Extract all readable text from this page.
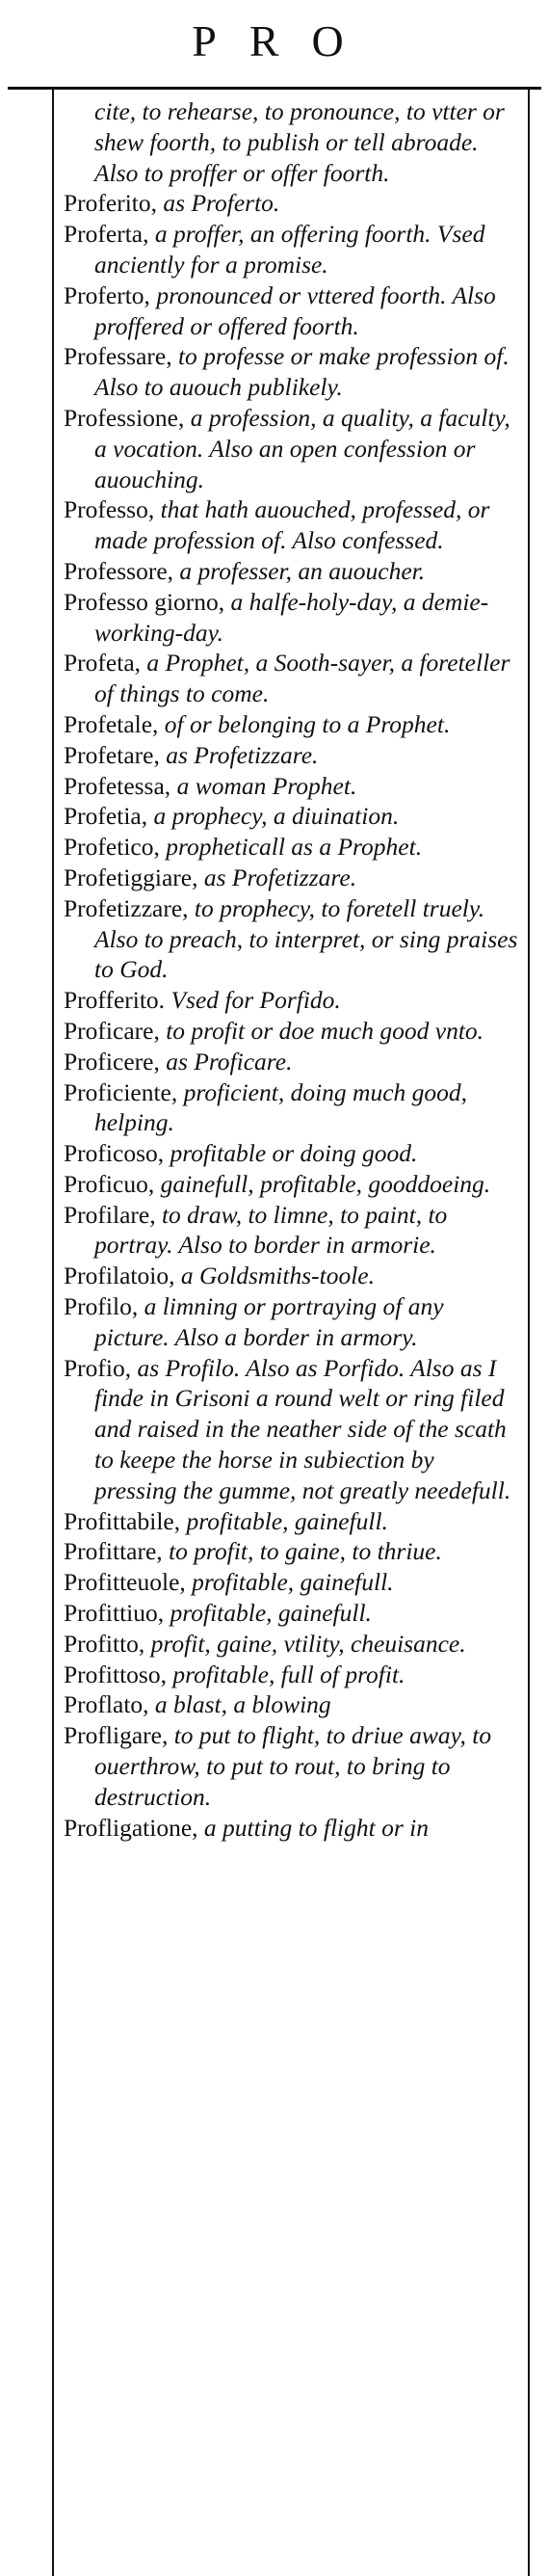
PRO

cite, to rehearse, to pronounce, to vtter or shew foorth, to publish or tell abroade. Also to proffer or offer foorth.

Proferito, as Proferto.

Proferta, a proffer, an offering foorth. Vsed anciently for a promise.

Proferto, pronounced or vttered foorth. Also proffered or offered foorth.

Professare, to professe or make profession of. Also to auouch publikely.

Professione, a profession, a quality, a faculty, a vocation. Also an open confession or auouching.

Professo, that hath auouched, professed, or made profession of. Also confessed.

Professore, a professer, an auoucher.

Professo giorno, a halfe-holy-day, a demie-working-day.

Profeta, a Prophet, a Sooth-sayer, a foreteller of things to come.

Profetale, of or belonging to a Prophet.

Profetare, as Profetizzare.

Profetessa, a woman Prophet.

Profetia, a prophecy, a diuination.

Profetico, propheticall as a Prophet.

Profetiggiare, as Profetizzare.

Profetizzare, to prophecy, to foretell truely. Also to preach, to interpret, or sing praises to God.

Profferito. Vsed for Porfido.

Proficare, to profit or doe much good vnto.

Proficere, as Proficare.

Proficiente, proficient, doing much good, helping.

Proficoso, profitable or doing good.

Proficuo, gainefull, profitable, gooddoeing.

Profilare, to draw, to limne, to paint, to portray. Also to border in armorie.

Profilatoio, a Goldsmiths-toole.

Profilo, a limning or portraying of any picture. Also a border in armory.

Profio, as Profilo. Also as Porfido. Also as I finde in Grisoni a round welt or ring filed and raised in the neather side of the scath to keepe the horse in subiection by pressing the gumme, not greatly needefull.

Profittabile, profitable, gainefull.

Profittare, to profit, to gaine, to thriue.

Profitteuole, profitable, gainefull.

Profittiuo, profitable, gainefull.

Profitto, profit, gaine, vtility, cheuisance.

Profittoso, profitable, full of profit.

Proflato, a blast, a blowing

Profligare, to put to flight, to driue away, to ouerthrow, to put to rout, to bring to destruction.

Profligatione, a putting to flight or in
